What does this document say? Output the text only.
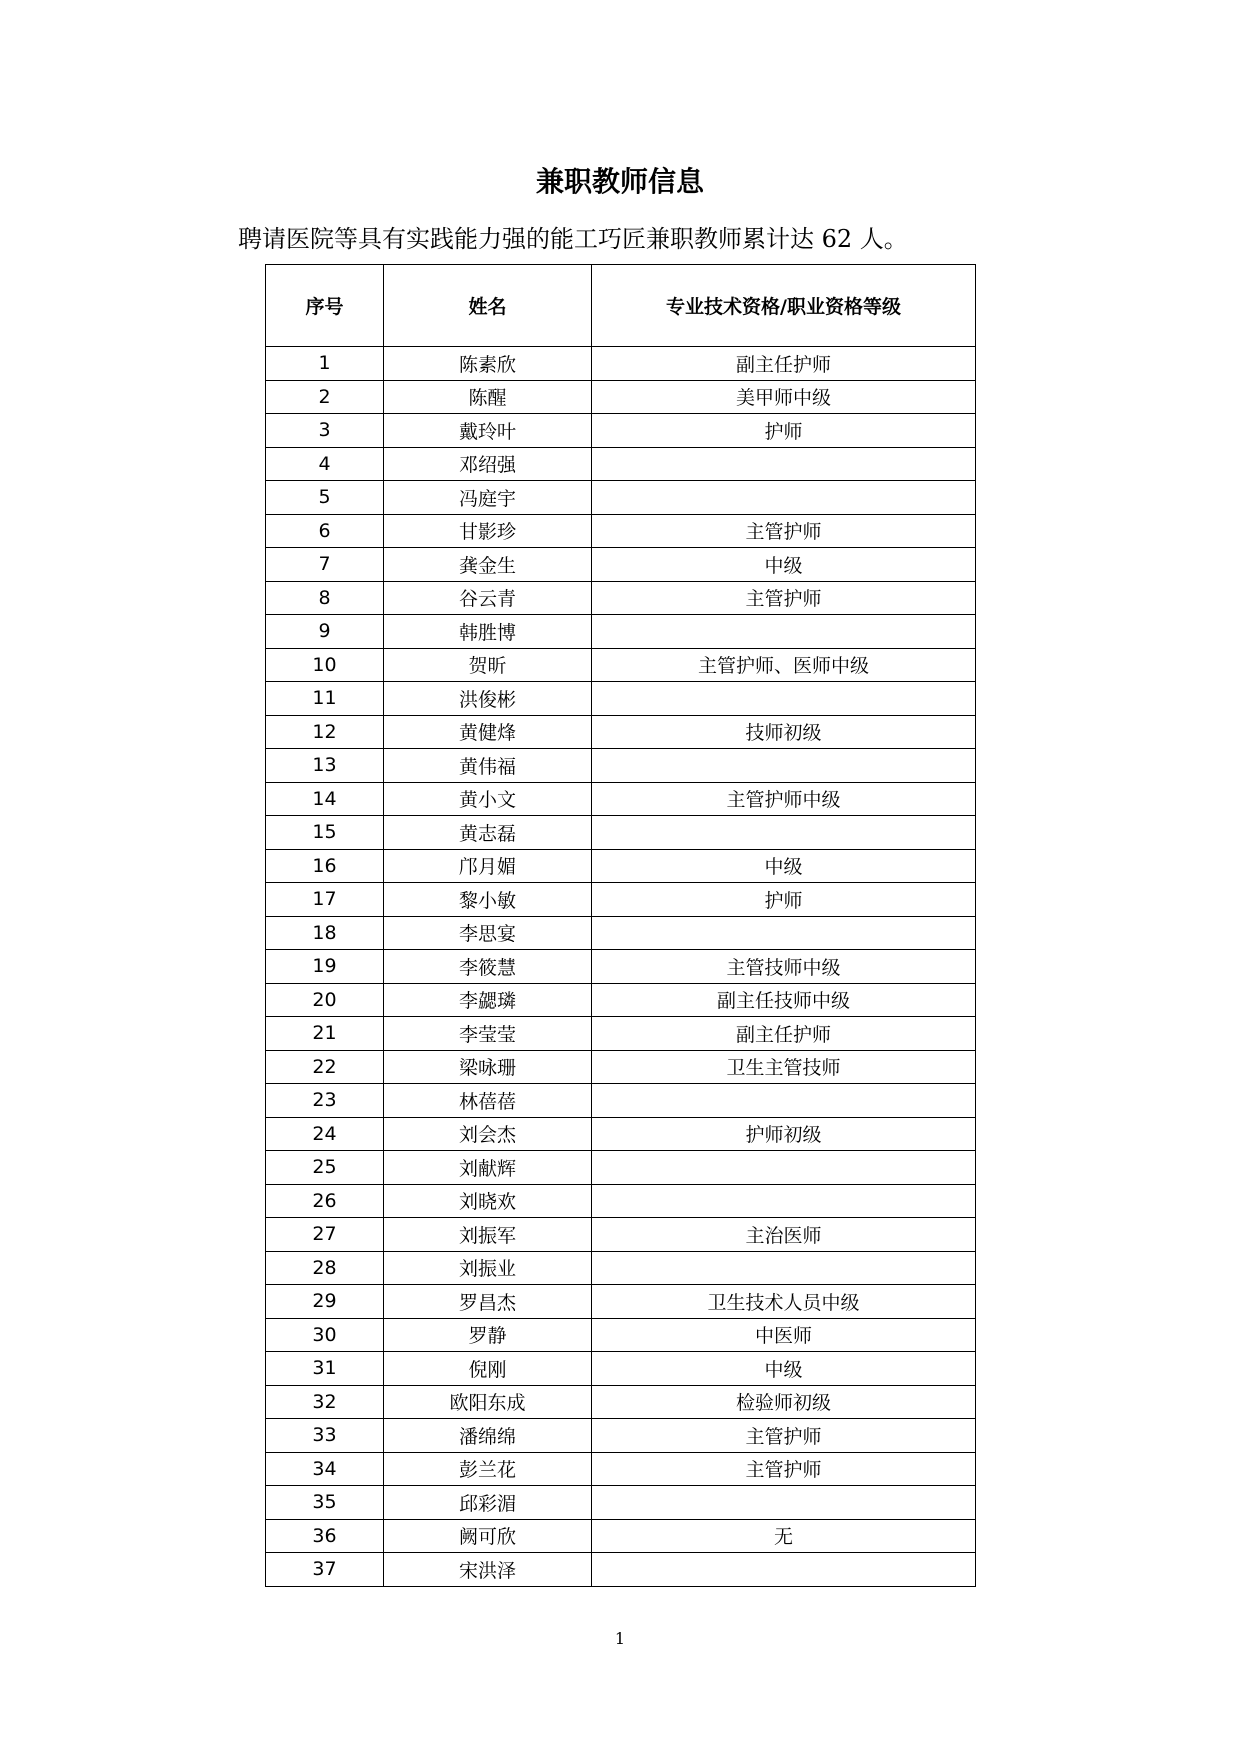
兼职教师信息
聘请医院等具有实践能力强的能工巧匠兼职教师累计达 62 人。
序号	姓名	专业技术资格/职业资格等级
1	陈素欣	副主任护师
2	陈醒	美甲师中级
3	戴玲叶	护师
4	邓绍强	
5	冯庭宇	
6	甘影珍	主管护师
7	龚金生	中级
8	谷云青	主管护师
9	韩胜博	
10	贺昕	主管护师、医师中级
11	洪俊彬	
12	黄健烽	技师初级
13	黄伟福	
14	黄小文	主管护师中级
15	黄志磊	
16	邝月媚	中级
17	黎小敏	护师
18	李思宴	
19	李筱慧	主管技师中级
20	李勰璘	副主任技师中级
21	李莹莹	副主任护师
22	梁咏珊	卫生主管技师
23	林蓓蓓	
24	刘会杰	护师初级
25	刘献辉	
26	刘晓欢	
27	刘振军	主治医师
28	刘振业	
29	罗昌杰	卫生技术人员中级
30	罗静	中医师
31	倪刚	中级
32	欧阳东成	检验师初级
33	潘绵绵	主管护师
34	彭兰花	主管护师
35	邱彩湄	
36	阙可欣	无
37	宋洪泽	
1
